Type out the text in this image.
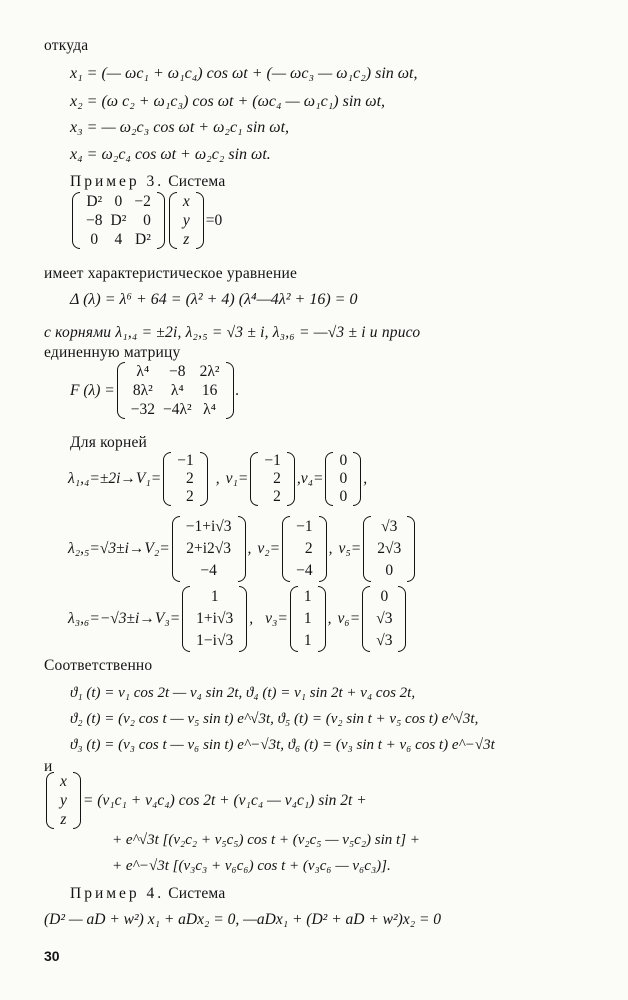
откуда
x₁ = (— ωc₁ + ω₁c₄) cos ωt + (— ωc₃ — ω₁c₂) sin ωt,
x₂ = (ω c₂ + ω₁c₃) cos ωt + (ωc₄ — ω₁c₁) sin ωt,
x₃ = — ω₂c₃ cos ωt + ω₂c₁ sin ωt,
x₄ = ω₂c₄ cos ωt + ω₂c₂ sin ωt.
Пример 3. Система
D² 0 −2
−8 D²	0
0	4 D²
x
y
z
=0
имеет характеристическое уравнение
Δ (λ) = λ⁶ + 64 = (λ² + 4) (λ⁴—4λ² + 16) = 0
с корнями λ₁,₄ = ±2i, λ₂,₅ = √3 ± i, λ₃,₆ = —√3 ± i и присо
единенную матрицу
F (λ) =
λ⁴	−8 2λ²
8λ²	λ⁴	16
−32 −4λ² λ⁴
.
Для корней
λ₁,₄=±2i→V₁=
−1
2
2
, v₁=
−1
2
2
, v₄=
0
0
0
,
λ₂,₅=√3±i→V₂=
−1+i√3
2+i2√3
−4
, v₂=
−1
2
−4
, v₅=
√3
2√3
0
λ₃,₆=−√3±i→V₃=
1
1+i√3
1−i√3
, v₃=
1
1
1
, v₆=
0
√3
√3
Соответственно
ϑ₁ (t) = v₁ cos 2t — v₄ sin 2t, ϑ₄ (t) = v₁ sin 2t + v₄ cos 2t,
ϑ₂ (t) = (v₂ cos t — v₅ sin t) e^√3t, ϑ₅ (t) = (v₂ sin t + v₅ cos t) e^√3t,
ϑ₃ (t) = (v₃ cos t — v₆ sin t) e^−√3t, ϑ₆ (t) = (v₃ sin t + v₆ cos t) e^−√3t
и
x
y
z
= (v₁c₁ + v₄c₄) cos 2t + (v₁c₄ — v₄c₁) sin 2t +
+ e^√3t [(v₂c₂ + v₅c₅) cos t + (v₂c₅ — v₅c₂) sin t] +
+ e^−√3t [(v₃c₃ + v₆c₆) cos t + (v₃c₆ — v₆c₃)].
Пример 4. Система
(D² — aD + w²) x₁ + aDx₂ = 0, —aDx₁ + (D² + aD + w²)x₂ = 0
30
